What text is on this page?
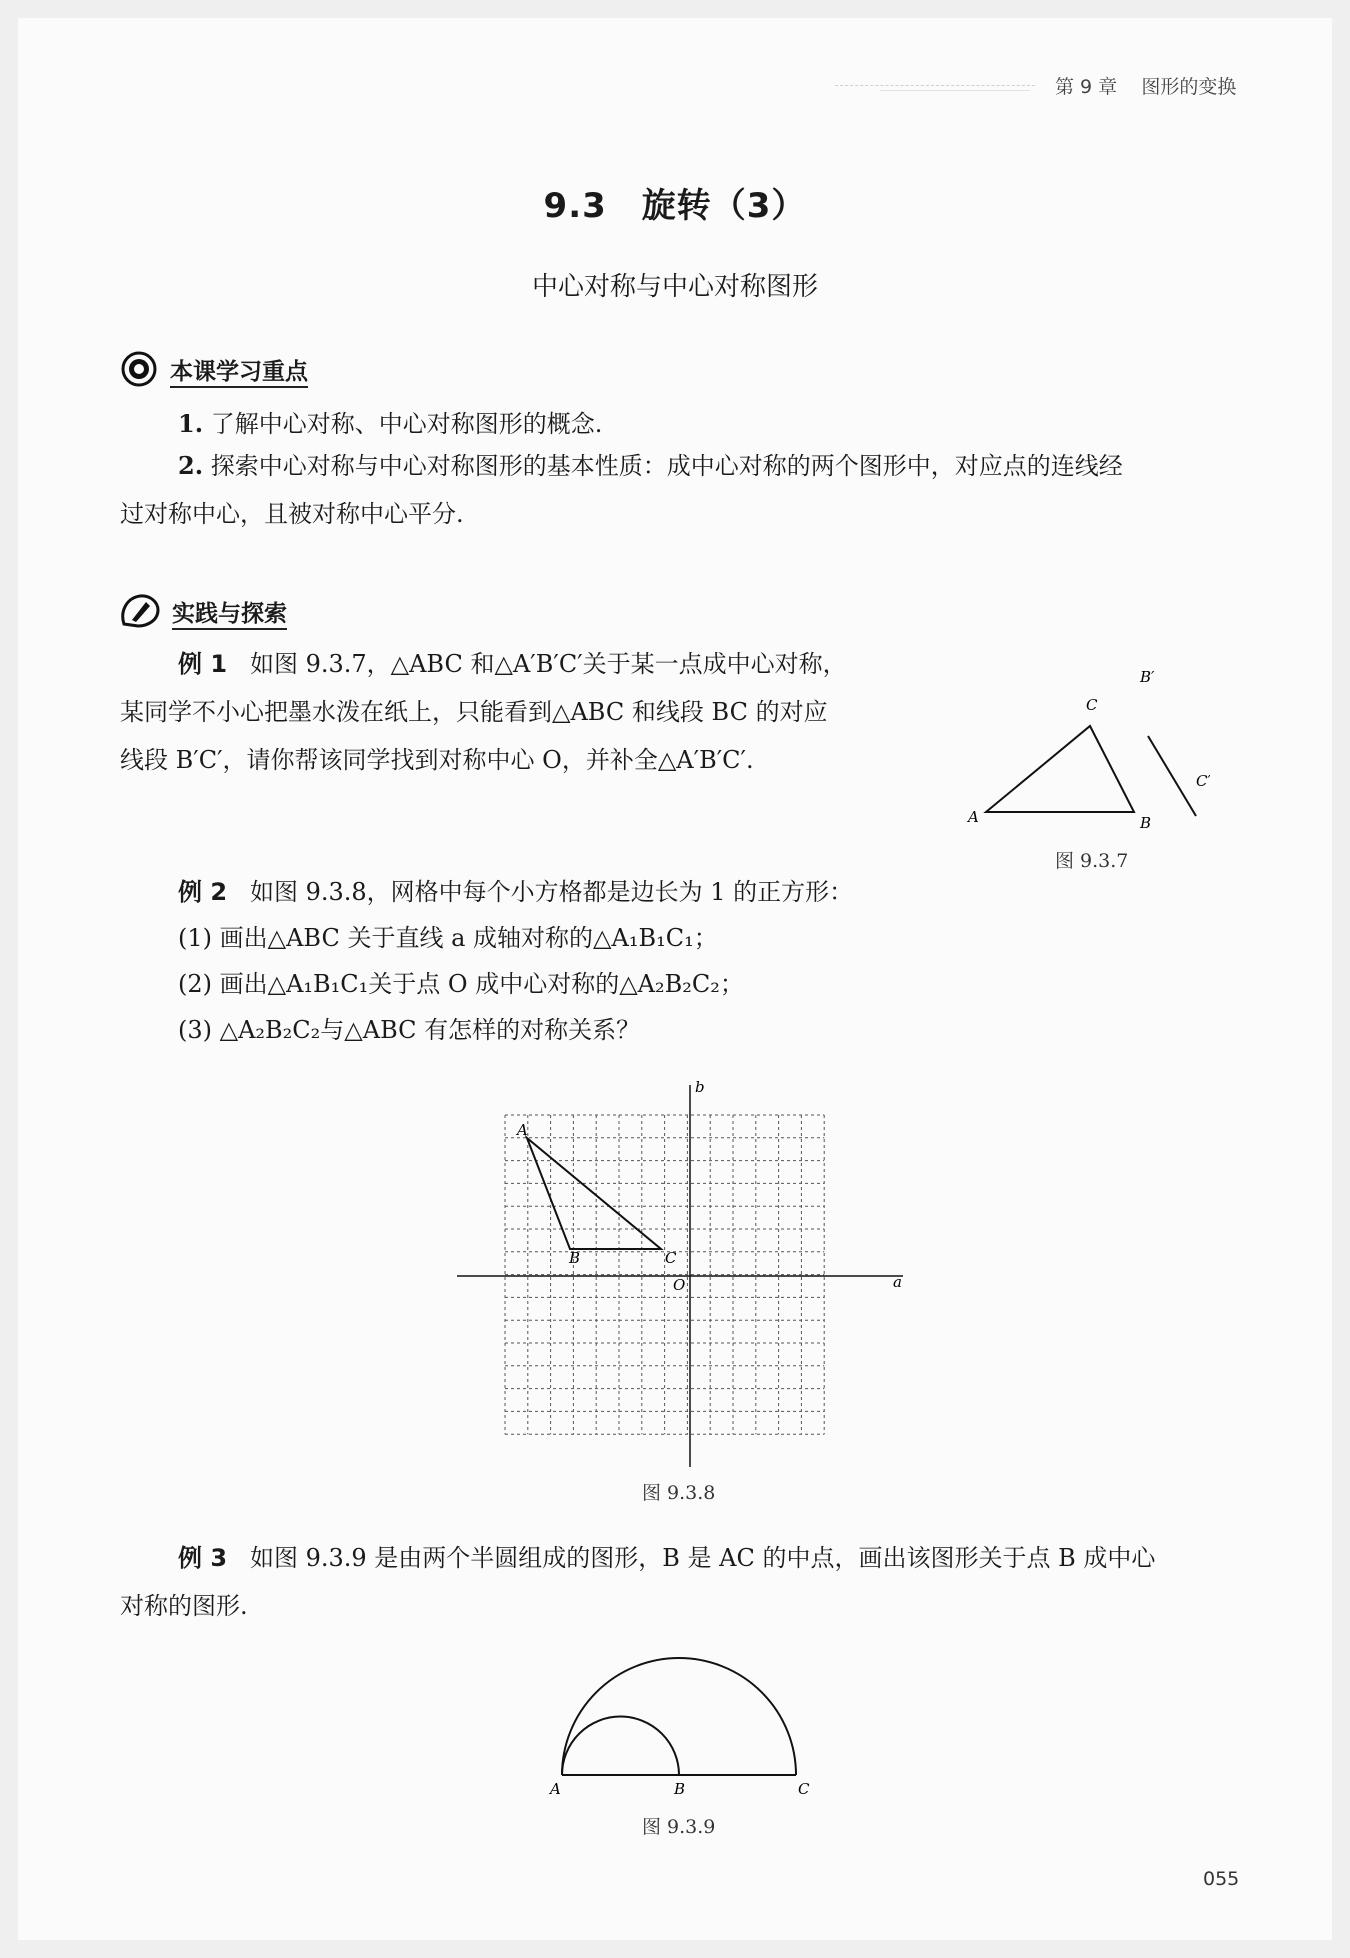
第 9 章 图形的变换
9.3　旋转（3）
中心对称与中心对称图形
本课学习重点
1. 了解中心对称、中心对称图形的概念.
2. 探索中心对称与中心对称图形的基本性质：成中心对称的两个图形中，对应点的连线经
过对称中心，且被对称中心平分.
实践与探索
例 1 如图 9.3.7，△ABC 和△A′B′C′关于某一点成中心对称，
某同学不小心把墨水泼在纸上，只能看到△ABC 和线段 BC 的对应
线段 B′C′，请你帮该同学找到对称中心 O，并补全△A′B′C′.
A	B
C
B′
C′
图 9.3.7
例 2 如图 9.3.8，网格中每个小方格都是边长为 1 的正方形：
(1) 画出△ABC 关于直线 a 成轴对称的△A₁B₁C₁；
(2) 画出△A₁B₁C₁关于点 O 成中心对称的△A₂B₂C₂；
(3) △A₂B₂C₂与△ABC 有怎样的对称关系？
A
B	C
O	a
b
图 9.3.8
例 3 如图 9.3.9 是由两个半圆组成的图形，B 是 AC 的中点，画出该图形关于点 B 成中心
对称的图形.
A	B	C
图 9.3.9
055
